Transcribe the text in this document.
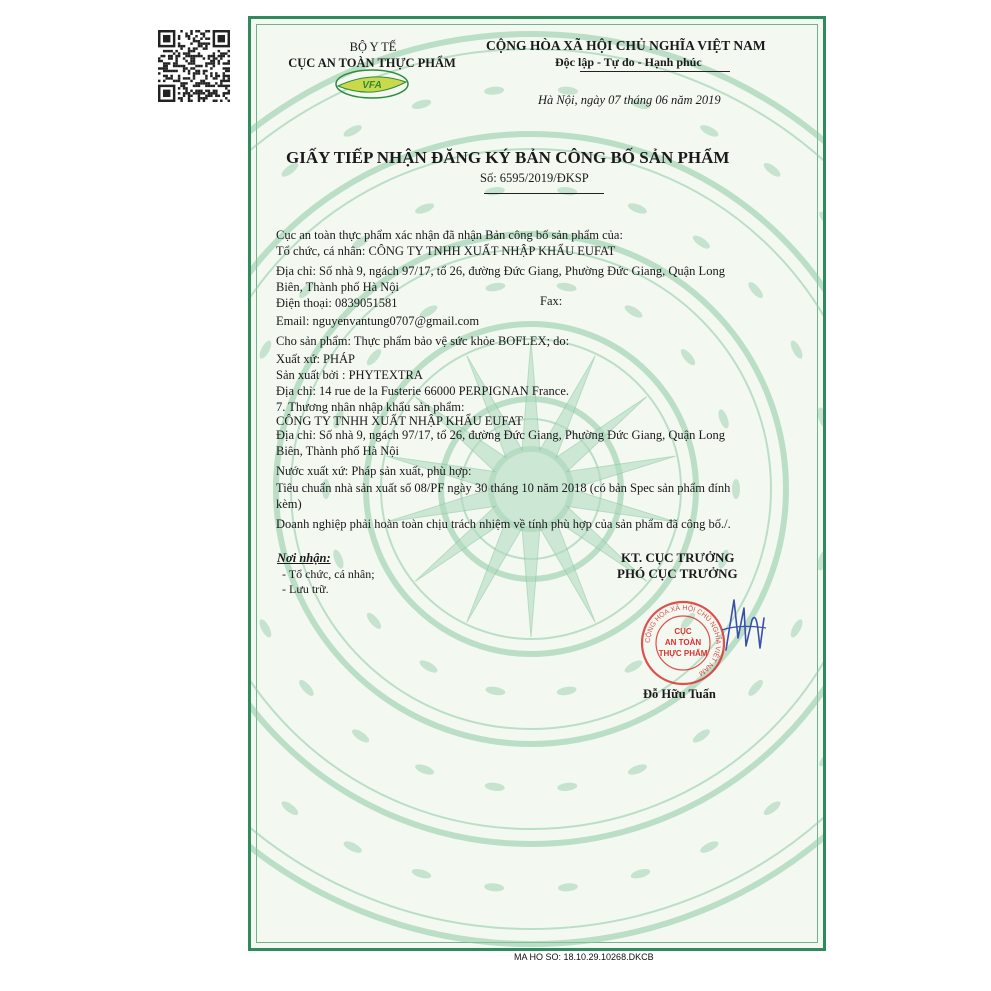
BỘ Y TẾ
CỤC AN TOÀN THỰC PHẨM
VFA
CỘNG HÒA XÃ HỘI CHỦ NGHĨA VIỆT NAM
Độc lập - Tự do - Hạnh phúc
Hà Nội, ngày 07 tháng 06 năm 2019
GIẤY TIẾP NHẬN ĐĂNG KÝ BẢN CÔNG BỐ SẢN PHẨM
Số: 6595/2019/ĐKSP
Cục an toàn thực phẩm xác nhận đã nhận Bản công bố sản phẩm của:
Tổ chức, cá nhân: CÔNG TY TNHH XUẤT NHẬP KHẨU EUFAT
Địa chỉ: Số nhà 9, ngách 97/17, tổ 26, đường Đức Giang, Phường Đức Giang, Quận Long
Biên, Thành phố Hà Nội
Điện thoại: 0839051581
Email: nguyenvantung0707@gmail.com
Cho sản phẩm: Thực phẩm bảo vệ sức khỏe BOFLEX; do:
Xuất xứ: PHÁP
Sản xuất bởi : PHYTEXTRA
Địa chỉ: 14 rue de la Fusterie 66000 PERPIGNAN France.
7. Thương nhân nhập khẩu sản phẩm:
CÔNG TY TNHH XUẤT NHẬP KHẨU EUFAT
Địa chỉ: Số nhà 9, ngách 97/17, tổ 26, đường Đức Giang, Phường Đức Giang, Quận Long
Biên, Thành phố Hà Nội
Nước xuất xứ: Pháp sản xuất, phù hợp:
Tiêu chuẩn nhà sản xuất số 08/PF ngày 30 tháng 10 năm 2018 (có bản Spec sản phẩm đính
kèm)
Doanh nghiệp phải hoàn toàn chịu trách nhiệm về tính phù hợp của sản phẩm đã công bố./.
Fax:
Nơi nhận:
- Tổ chức, cá nhân;
- Lưu trữ.
KT. CỤC TRƯỞNG
PHÓ CỤC TRƯỞNG
CỘNG HÒA XÃ HỘI CHỦ NGHĨA VIỆT NAM
CỤC
AN TOÀN
THỰC PHẨM
Đỗ Hữu Tuấn
MA HO SO: 18.10.29.10268.DKCB
